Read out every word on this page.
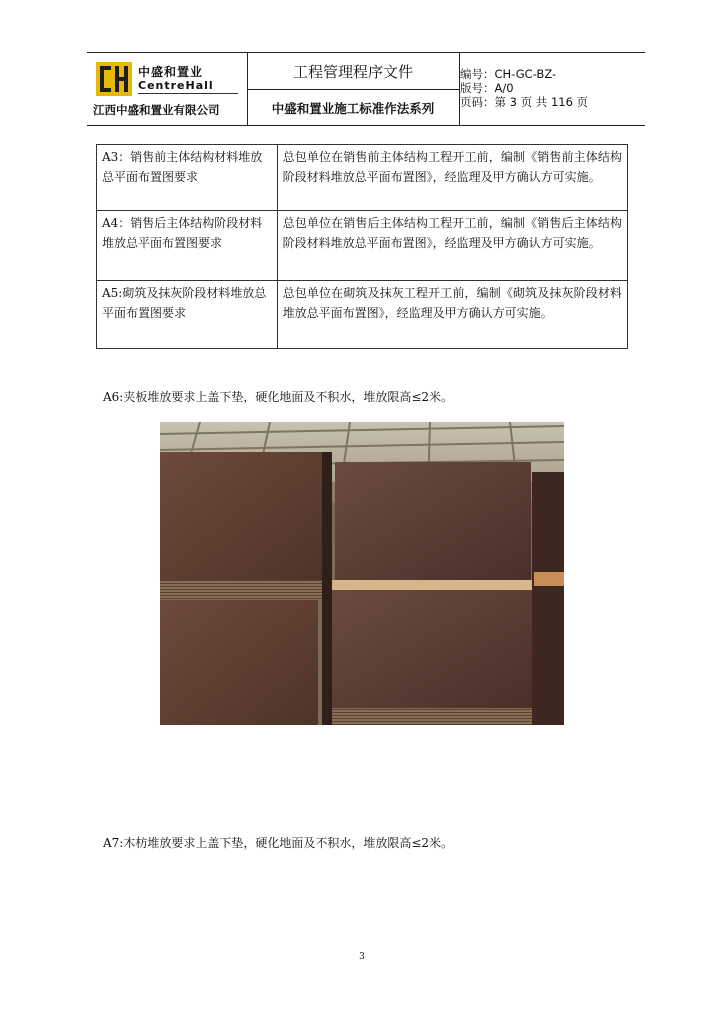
中盛和置业
CentreHall
江西中盛和置业有限公司
工程管理程序文件
中盛和置业施工标准作法系列
编号：CH-GC-BZ-
版号：A/0
页码：第 3 页 共 116 页
A3：销售前主体结构材料堆放总平面布置图要求	总包单位在销售前主体结构工程开工前，编制《销售前主体结构阶段材料堆放总平面布置图》，经监理及甲方确认方可实施。
A4：销售后主体结构阶段材料堆放总平面布置图要求	总包单位在销售后主体结构工程开工前，编制《销售后主体结构阶段材料堆放总平面布置图》，经监理及甲方确认方可实施。
A5:砌筑及抹灰阶段材料堆放总平面布置图要求	总包单位在砌筑及抹灰工程开工前，编制《砌筑及抹灰阶段材料堆放总平面布置图》，经监理及甲方确认方可实施。
A6:夹板堆放要求上盖下垫，硬化地面及不积水，堆放限高≤2米。
A7:木枋堆放要求上盖下垫，硬化地面及不积水，堆放限高≤2米。
3
